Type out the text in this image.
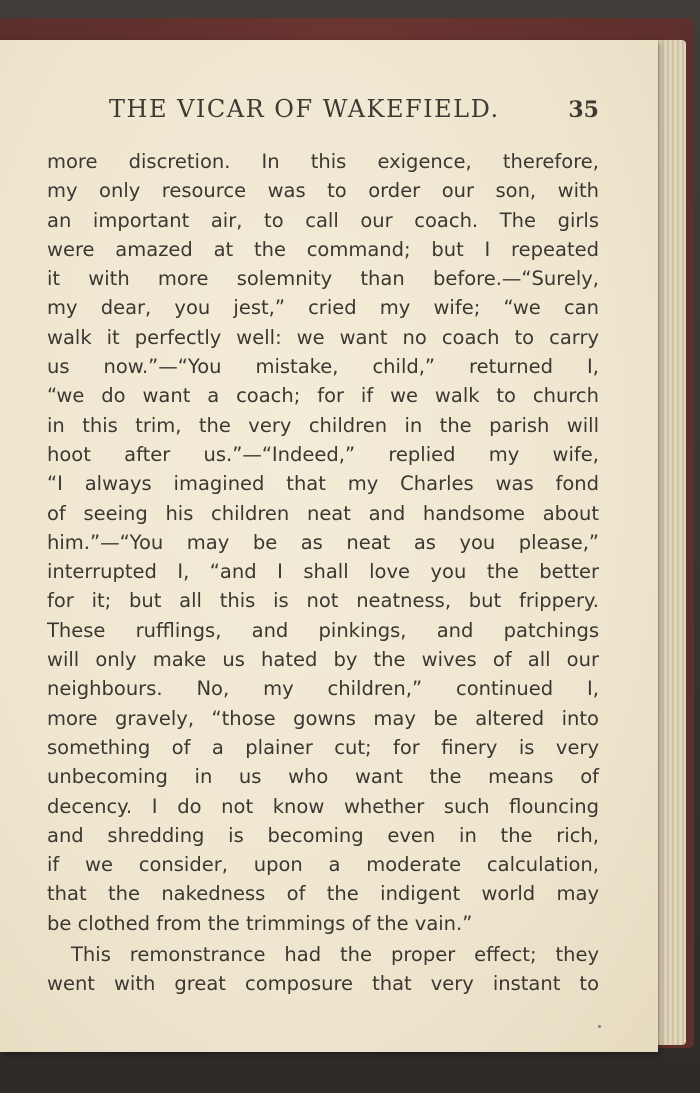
THE VICAR OF WAKEFIELD.	35
more discretion. In this exigence, therefore,
my only resource was to order our son, with
an important air, to call our coach. The girls
were amazed at the command; but I repeated
it with more solemnity than before.—“Surely,
my dear, you jest,” cried my wife; “we can
walk it perfectly well: we want no coach to carry
us now.”—“You mistake, child,” returned I,
“we do want a coach; for if we walk to church
in this trim, the very children in the parish will
hoot after us.”—“Indeed,” replied my wife,
“I always imagined that my Charles was fond
of seeing his children neat and handsome about
him.”—“You may be as neat as you please,”
interrupted I, “and I shall love you the better
for it; but all this is not neatness, but frippery.
These rufflings, and pinkings, and patchings
will only make us hated by the wives of all our
neighbours. No, my children,” continued I,
more gravely, “those gowns may be altered into
something of a plainer cut; for finery is very
unbecoming in us who want the means of
decency. I do not know whether such flouncing
and shredding is becoming even in the rich,
if we consider, upon a moderate calculation,
that the nakedness of the indigent world may
be clothed from the trimmings of the vain.”
This remonstrance had the proper effect; they
went with great composure that very instant to
